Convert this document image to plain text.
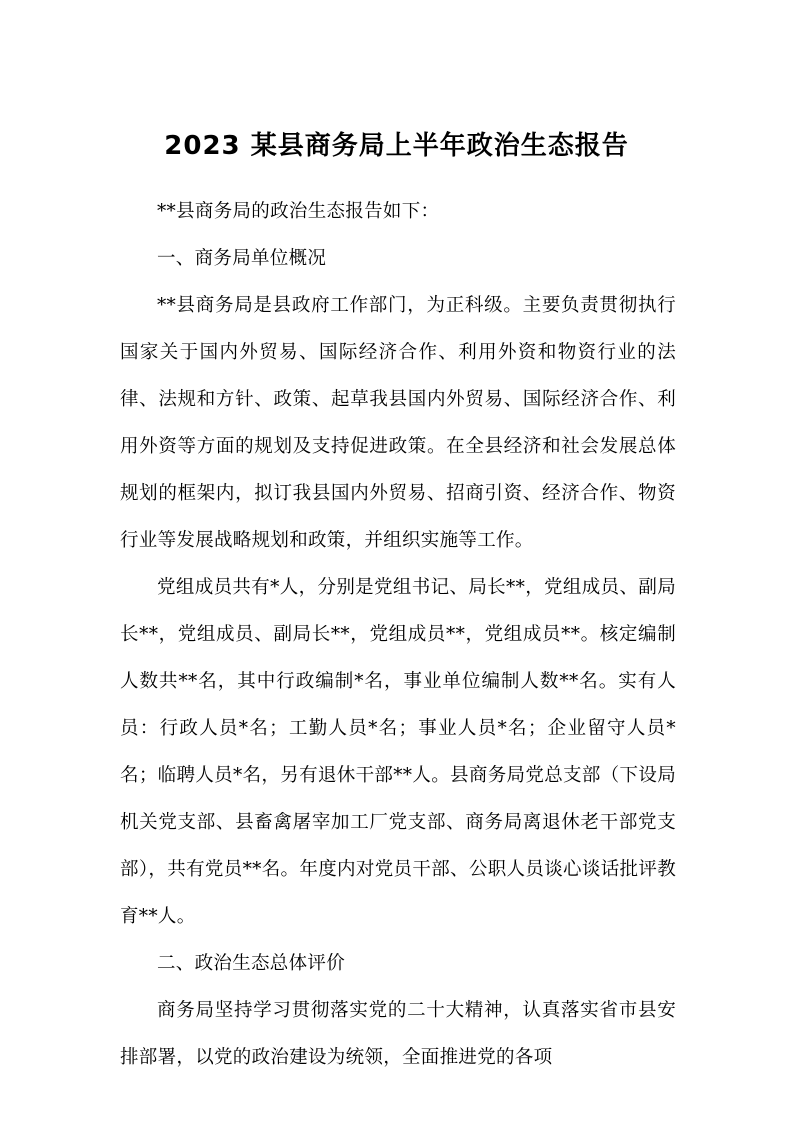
2023 某县商务局上半年政治生态报告

**县商务局的政治生态报告如下：

一、商务局单位概况

**县商务局是县政府工作部门，为正科级。主要负责贯彻执行国家关于国内外贸易、国际经济合作、利用外资和物资行业的法律、法规和方针、政策、起草我县国内外贸易、国际经济合作、利用外资等方面的规划及支持促进政策。在全县经济和社会发展总体规划的框架内，拟订我县国内外贸易、招商引资、经济合作、物资行业等发展战略规划和政策，并组织实施等工作。

党组成员共有*人，分别是党组书记、局长**，党组成员、副局长**，党组成员、副局长**，党组成员**，党组成员**。核定编制人数共**名，其中行政编制*名，事业单位编制人数**名。实有人员：行政人员*名；工勤人员*名；事业人员*名；企业留守人员*名；临聘人员*名，另有退休干部**人。县商务局党总支部（下设局机关党支部、县畜禽屠宰加工厂党支部、商务局离退休老干部党支部），共有党员**名。年度内对党员干部、公职人员谈心谈话批评教育**人。

二、政治生态总体评价

商务局坚持学习贯彻落实党的二十大精神，认真落实省市县安排部署，以党的政治建设为统领，全面推进党的各项
